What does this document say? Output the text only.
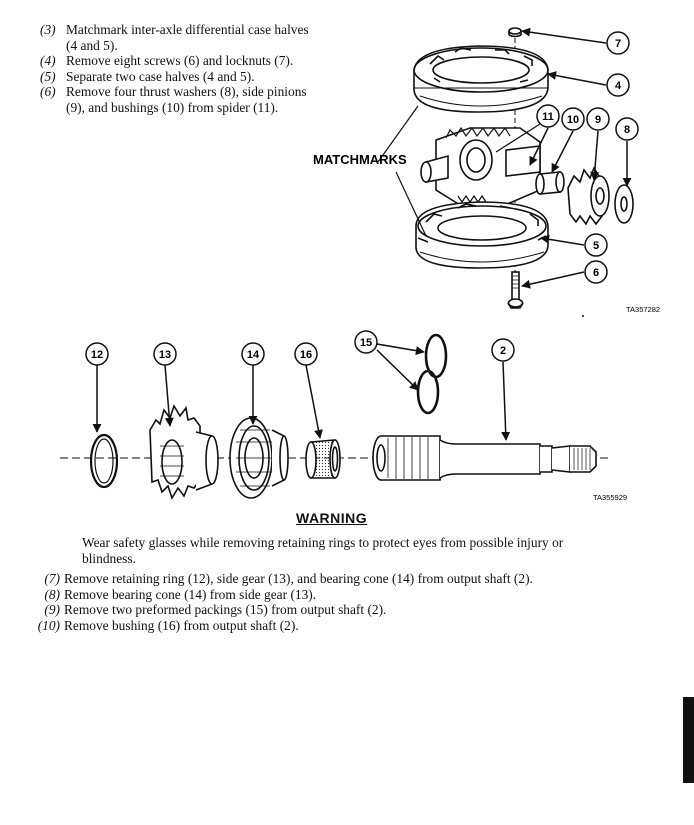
(3) Matchmark inter-axle differential case halves (4 and 5).
(4) Remove eight screws (6) and locknuts (7).
(5) Separate two case halves (4 and 5).
(6) Remove four thrust washers (8), side pinions (9), and bushings (10) from spider (11).
7
4
11 10 9
8
5
6
MATCHMARKS
TA357282
12	13	14	16
15
2
TA355929
WARNING
Wear safety glasses while removing retaining rings to protect eyes from possible injury or blindness.
(7) Remove retaining ring (12), side gear (13), and bearing cone (14) from output shaft (2).
(8) Remove bearing cone (14) from side gear (13).
(9) Remove two preformed packings (15) from output shaft (2).
(10) Remove bushing (16) from output shaft (2).
